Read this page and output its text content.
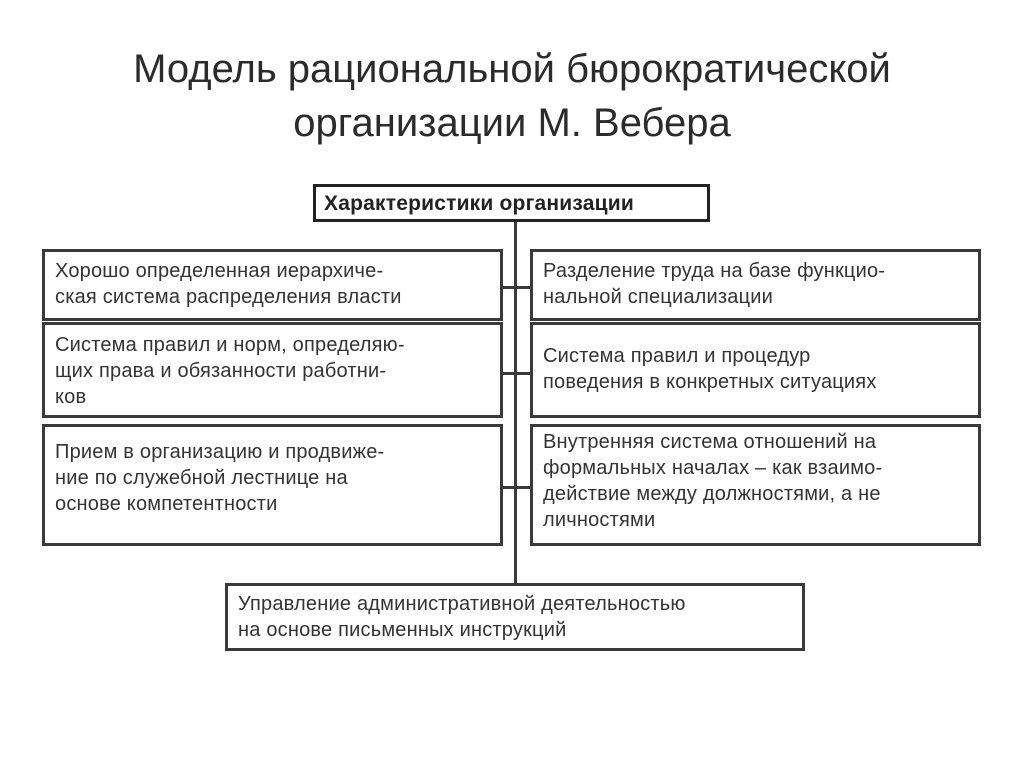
Модель рациональной бюрократической
организации М. Вебера
Характеристики организации
Хорошо определенная иерархиче-
ская система распределения власти
Система правил и норм, определяю-
щих права и обязанности работни-
ков
Прием в организацию и продвиже-
ние по служебной лестнице на
основе компетентности
Разделение труда на базе функцио-
нальной специализации
Система правил и процедур
поведения в конкретных ситуациях
Внутренняя система отношений на
формальных началах – как взаимо-
действие между должностями, а не
личностями
Управление административной деятельностью
на основе письменных инструкций
